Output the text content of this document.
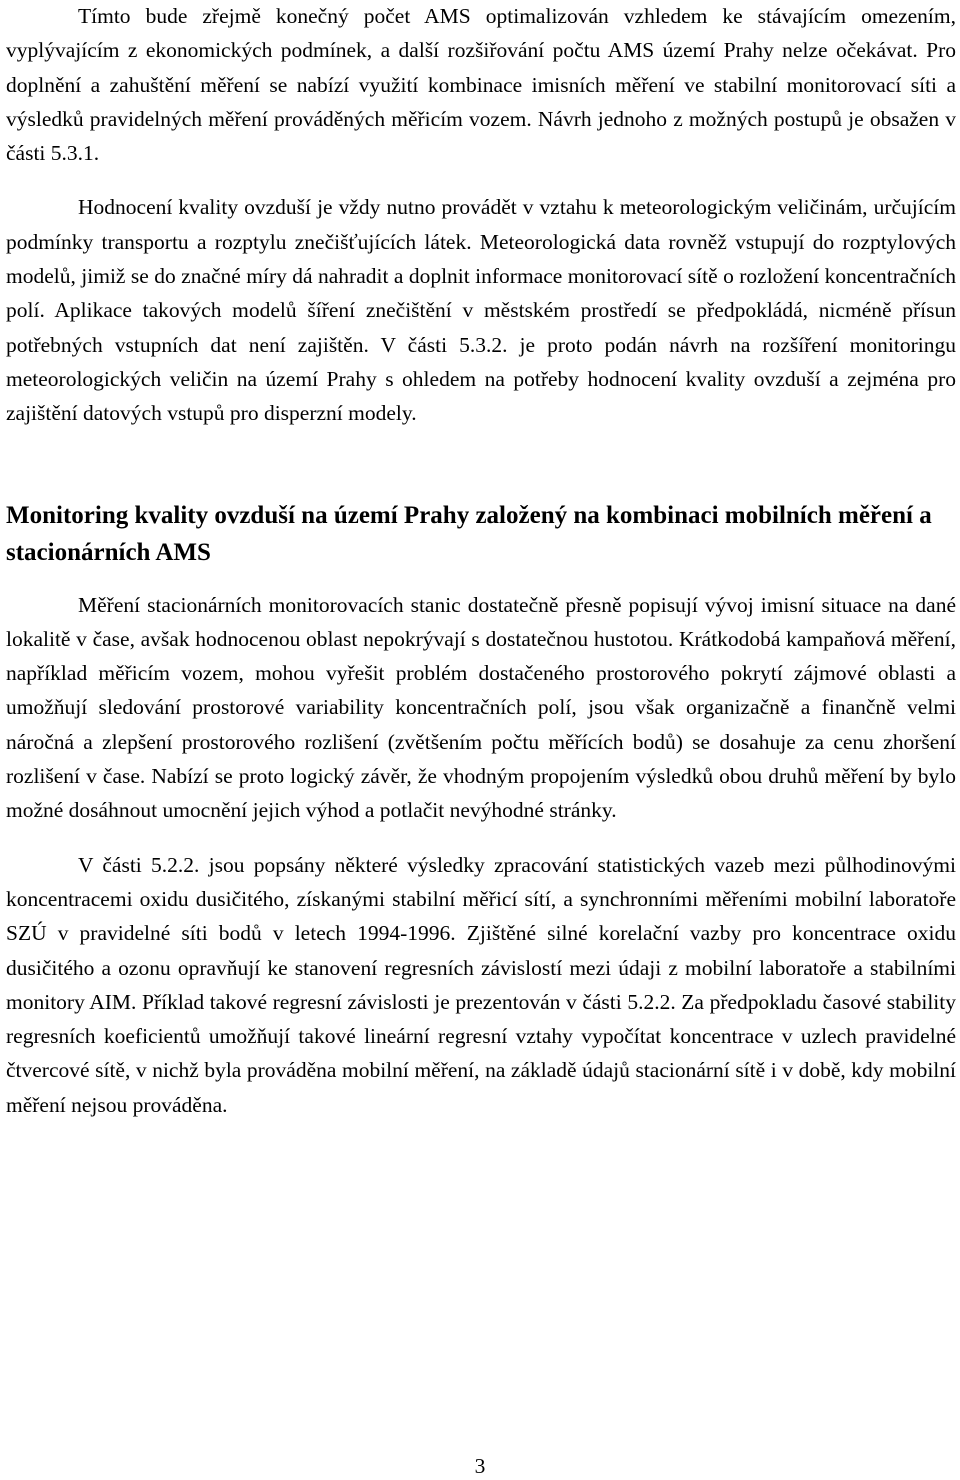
Tímto bude zřejmě konečný počet AMS optimalizován vzhledem ke stávajícím omezením, vyplývajícím z ekonomických podmínek, a další rozšiřování počtu AMS území Prahy nelze očekávat. Pro doplnění a zahuštění měření se nabízí využití kombinace imisních měření ve stabilní monitorovací síti a výsledků pravidelných měření prováděných měřicím vozem. Návrh jednoho z možných postupů je obsažen v části 5.3.1.

Hodnocení kvality ovzduší je vždy nutno provádět v vztahu k meteorologickým veličinám, určujícím podmínky transportu a rozptylu znečišťujících látek. Meteorologická data rovněž vstupují do rozptylových modelů, jimiž se do značné míry dá nahradit a doplnit informace monitorovací sítě o rozložení koncentračních polí. Aplikace takových modelů šíření znečištění v městském prostředí se předpokládá, nicméně přísun potřebných vstupních dat není zajištěn. V části 5.3.2. je proto podán návrh na rozšíření monitoringu meteorologických veličin na území Prahy s ohledem na potřeby hodnocení kvality ovzduší a zejména pro zajištění datových vstupů pro disperzní modely.

Monitoring kvality ovzduší na území Prahy založený na kombinaci mobilních měření a stacionárních AMS

Měření stacionárních monitorovacích stanic dostatečně přesně popisují vývoj imisní situace na dané lokalitě v čase, avšak hodnocenou oblast nepokrývají s dostatečnou hustotou. Krátkodobá kampaňová měření, například měřicím vozem, mohou vyřešit problém dostačeného prostorového pokrytí zájmové oblasti a umožňují sledování prostorové variability koncentračních polí, jsou však organizačně a finančně velmi náročná a zlepšení prostorového rozlišení (zvětšením počtu měřících bodů) se dosahuje za cenu zhoršení rozlišení v čase. Nabízí se proto logický závěr, že vhodným propojením výsledků obou druhů měření by bylo možné dosáhnout umocnění jejich výhod a potlačit nevýhodné stránky.

V části 5.2.2. jsou popsány některé výsledky zpracování statistických vazeb mezi půlhodinovými koncentracemi oxidu dusičitého, získanými stabilní měřicí sítí, a synchronními měřeními mobilní laboratoře SZÚ v pravidelné síti bodů v letech 1994-1996. Zjištěné silné korelační vazby pro koncentrace oxidu dusičitého a ozonu opravňují ke stanovení regresních závislostí mezi údaji z mobilní laboratoře a stabilními monitory AIM. Příklad takové regresní závislosti je prezentován v části 5.2.2. Za předpokladu časové stability regresních koeficientů umožňují takové lineární regresní vztahy vypočítat koncentrace v uzlech pravidelné čtvercové sítě, v nichž byla prováděna mobilní měření, na základě údajů stacionární sítě i v době, kdy mobilní měření nejsou prováděna.

3
